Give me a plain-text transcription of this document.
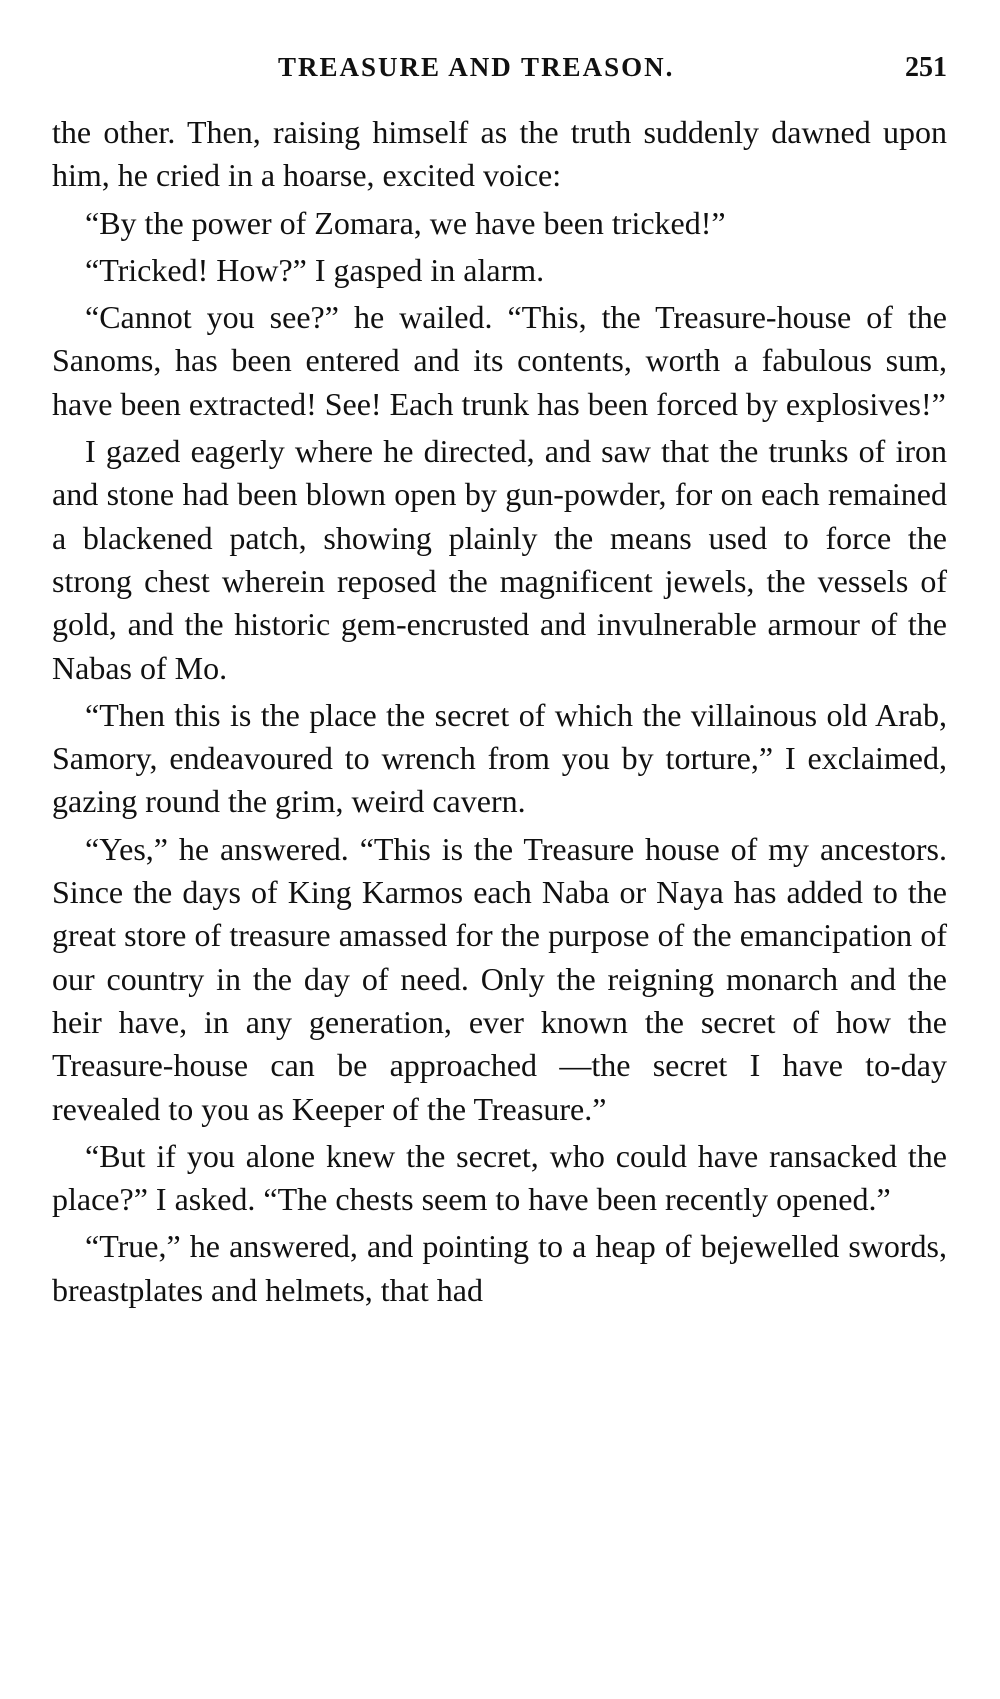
TREASURE AND TREASON.	251

the other. Then, raising himself as the truth suddenly dawned upon him, he cried in a hoarse, excited voice:

“By the power of Zomara, we have been tricked!”

“Tricked! How?” I gasped in alarm.

“Cannot you see?” he wailed. “This, the Treasure-house of the Sanoms, has been entered and its contents, worth a fabulous sum, have been extracted! See! Each trunk has been forced by explosives!”

I gazed eagerly where he directed, and saw that the trunks of iron and stone had been blown open by gun-powder, for on each remained a blackened patch, showing plainly the means used to force the strong chest wherein reposed the magnificent jewels, the vessels of gold, and the historic gem-encrusted and invulnerable armour of the Nabas of Mo.

“Then this is the place the secret of which the villainous old Arab, Samory, endeavoured to wrench from you by torture,” I exclaimed, gazing round the grim, weird cavern.

“Yes,” he answered. “This is the Treasure house of my ancestors. Since the days of King Karmos each Naba or Naya has added to the great store of treasure amassed for the purpose of the emancipation of our country in the day of need. Only the reigning monarch and the heir have, in any generation, ever known the secret of how the Treasure-house can be approached —the secret I have to-day revealed to you as Keeper of the Treasure.”

“But if you alone knew the secret, who could have ransacked the place?” I asked. “The chests seem to have been recently opened.”

“True,” he answered, and pointing to a heap of bejewelled swords, breastplates and helmets, that had
